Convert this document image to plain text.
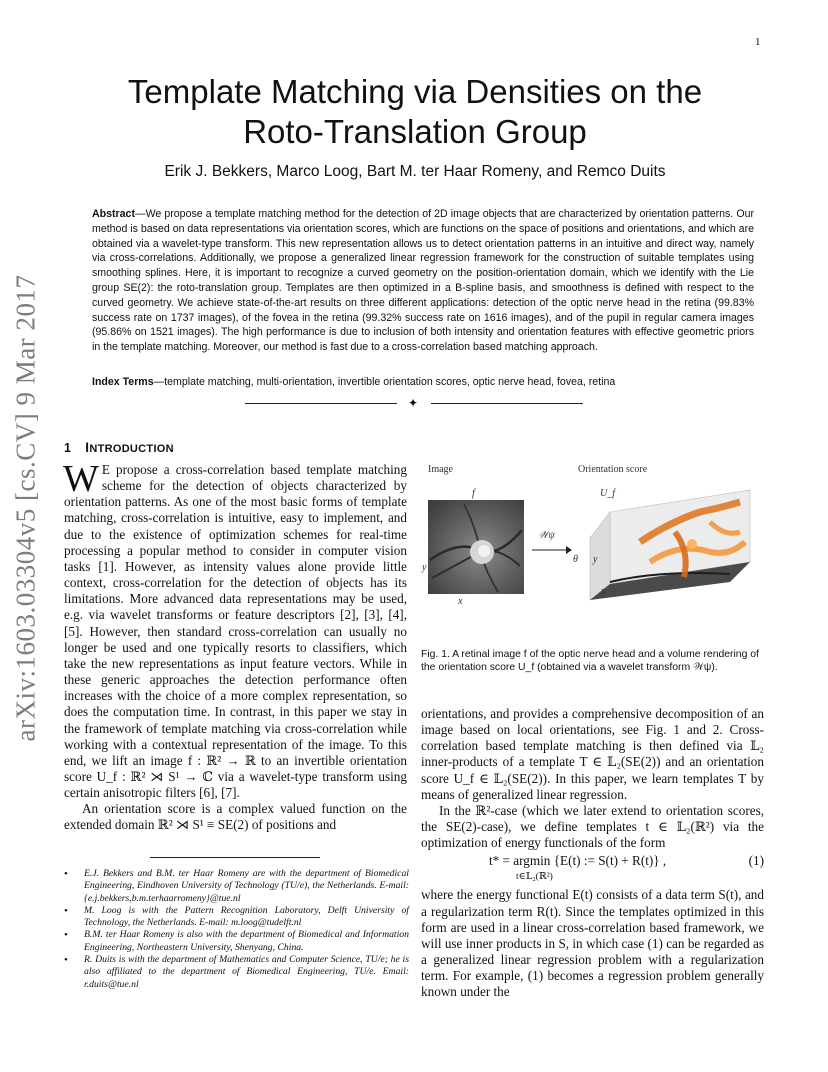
1
arXiv:1603.03304v5 [cs.CV] 9 Mar 2017
Template Matching via Densities on the Roto-Translation Group
Erik J. Bekkers, Marco Loog, Bart M. ter Haar Romeny, and Remco Duits
Abstract—We propose a template matching method for the detection of 2D image objects that are characterized by orientation patterns. Our method is based on data representations via orientation scores, which are functions on the space of positions and orientations, and which are obtained via a wavelet-type transform. This new representation allows us to detect orientation patterns in an intuitive and direct way, namely via cross-correlations. Additionally, we propose a generalized linear regression framework for the construction of suitable templates using smoothing splines. Here, it is important to recognize a curved geometry on the position-orientation domain, which we identify with the Lie group SE(2): the roto-translation group. Templates are then optimized in a B-spline basis, and smoothness is defined with respect to the curved geometry. We achieve state-of-the-art results on three different applications: detection of the optic nerve head in the retina (99.83% success rate on 1737 images), of the fovea in the retina (99.32% success rate on 1616 images), and of the pupil in regular camera images (95.86% on 1521 images). The high performance is due to inclusion of both intensity and orientation features with effective geometric priors in the template matching. Moreover, our method is fast due to a cross-correlation based matching approach.
Index Terms—template matching, multi-orientation, invertible orientation scores, optic nerve head, fovea, retina
✦
1 INTRODUCTION

W E propose a cross-correlation based template matching scheme for the detection of objects characterized by orientation patterns. As one of the most basic forms of template matching, cross-correlation is intuitive, easy to implement, and due to the existence of optimization schemes for real-time processing a popular method to consider in computer vision tasks [1]. However, as intensity values alone provide little context, cross-correlation for the detection of objects has its limitations. More advanced data representations may be used, e.g. via wavelet transforms or feature descriptors [2], [3], [4], [5]. However, then standard cross-correlation can usually no longer be used and one typically resorts to classifiers, which take the new representations as input feature vectors. While in these generic approaches the detection performance often increases with the choice of a more complex representation, so does the computation time. In contrast, in this paper we stay in the framework of template matching via cross-correlation while working with a contextual representation of the image. To this end, we lift an image f : ℝ² → ℝ to an invertible orientation score U_f : ℝ² ⋊ S¹ → ℂ via a wavelet-type transform using certain anisotropic filters [6], [7].

An orientation score is a complex valued function on the extended domain ℝ² ⋊ S¹ ≡ SE(2) of positions and

• E.J. Bekkers and B.M. ter Haar Romeny are with the department of Biomedical Engineering, Eindhoven University of Technology (TU/e), the Netherlands. E-mail: {e.j.bekkers,b.m.terhaarromeny}@tue.nl
• M. Loog is with the Pattern Recognition Laboratory, Delft University of Technology, the Netherlands. E-mail: m.loog@tudelft.nl
• B.M. ter Haar Romeny is also with the department of Biomedical and Information Engineering, Northeastern University, Shenyang, China.
• R. Duits is with the department of Mathematics and Computer Science, TU/e; he is also affiliated to the department of Biomedical Engineering, TU/e. Email: r.duits@tue.nl
Image	Orientation score
f	U_f
y
x
𝒲ψ
θ y
x
Fig. 1. A retinal image f of the optic nerve head and a volume rendering of the orientation score U_f (obtained via a wavelet transform 𝒲ψ).

orientations, and provides a comprehensive decomposition of an image based on local orientations, see Fig. 1 and 2. Cross-correlation based template matching is then defined via 𝕃₂ inner-products of a template T ∈ 𝕃₂(SE(2)) and an orientation score U_f ∈ 𝕃₂(SE(2)). In this paper, we learn templates T by means of generalized linear regression.

In the ℝ²-case (which we later extend to orientation scores, the SE(2)-case), we define templates t ∈ 𝕃₂(ℝ²) via the optimization of energy functionals of the form

t* = argmin {E(t) := S(t) + R(t)} ,
t∈𝕃₂(ℝ²)
(1)

where the energy functional E(t) consists of a data term S(t), and a regularization term R(t). Since the templates optimized in this form are used in a linear cross-correlation based framework, we will use inner products in S, in which case (1) can be regarded as a generalized linear regression problem with a regularization term. For example, (1) becomes a regression problem generally known under the
